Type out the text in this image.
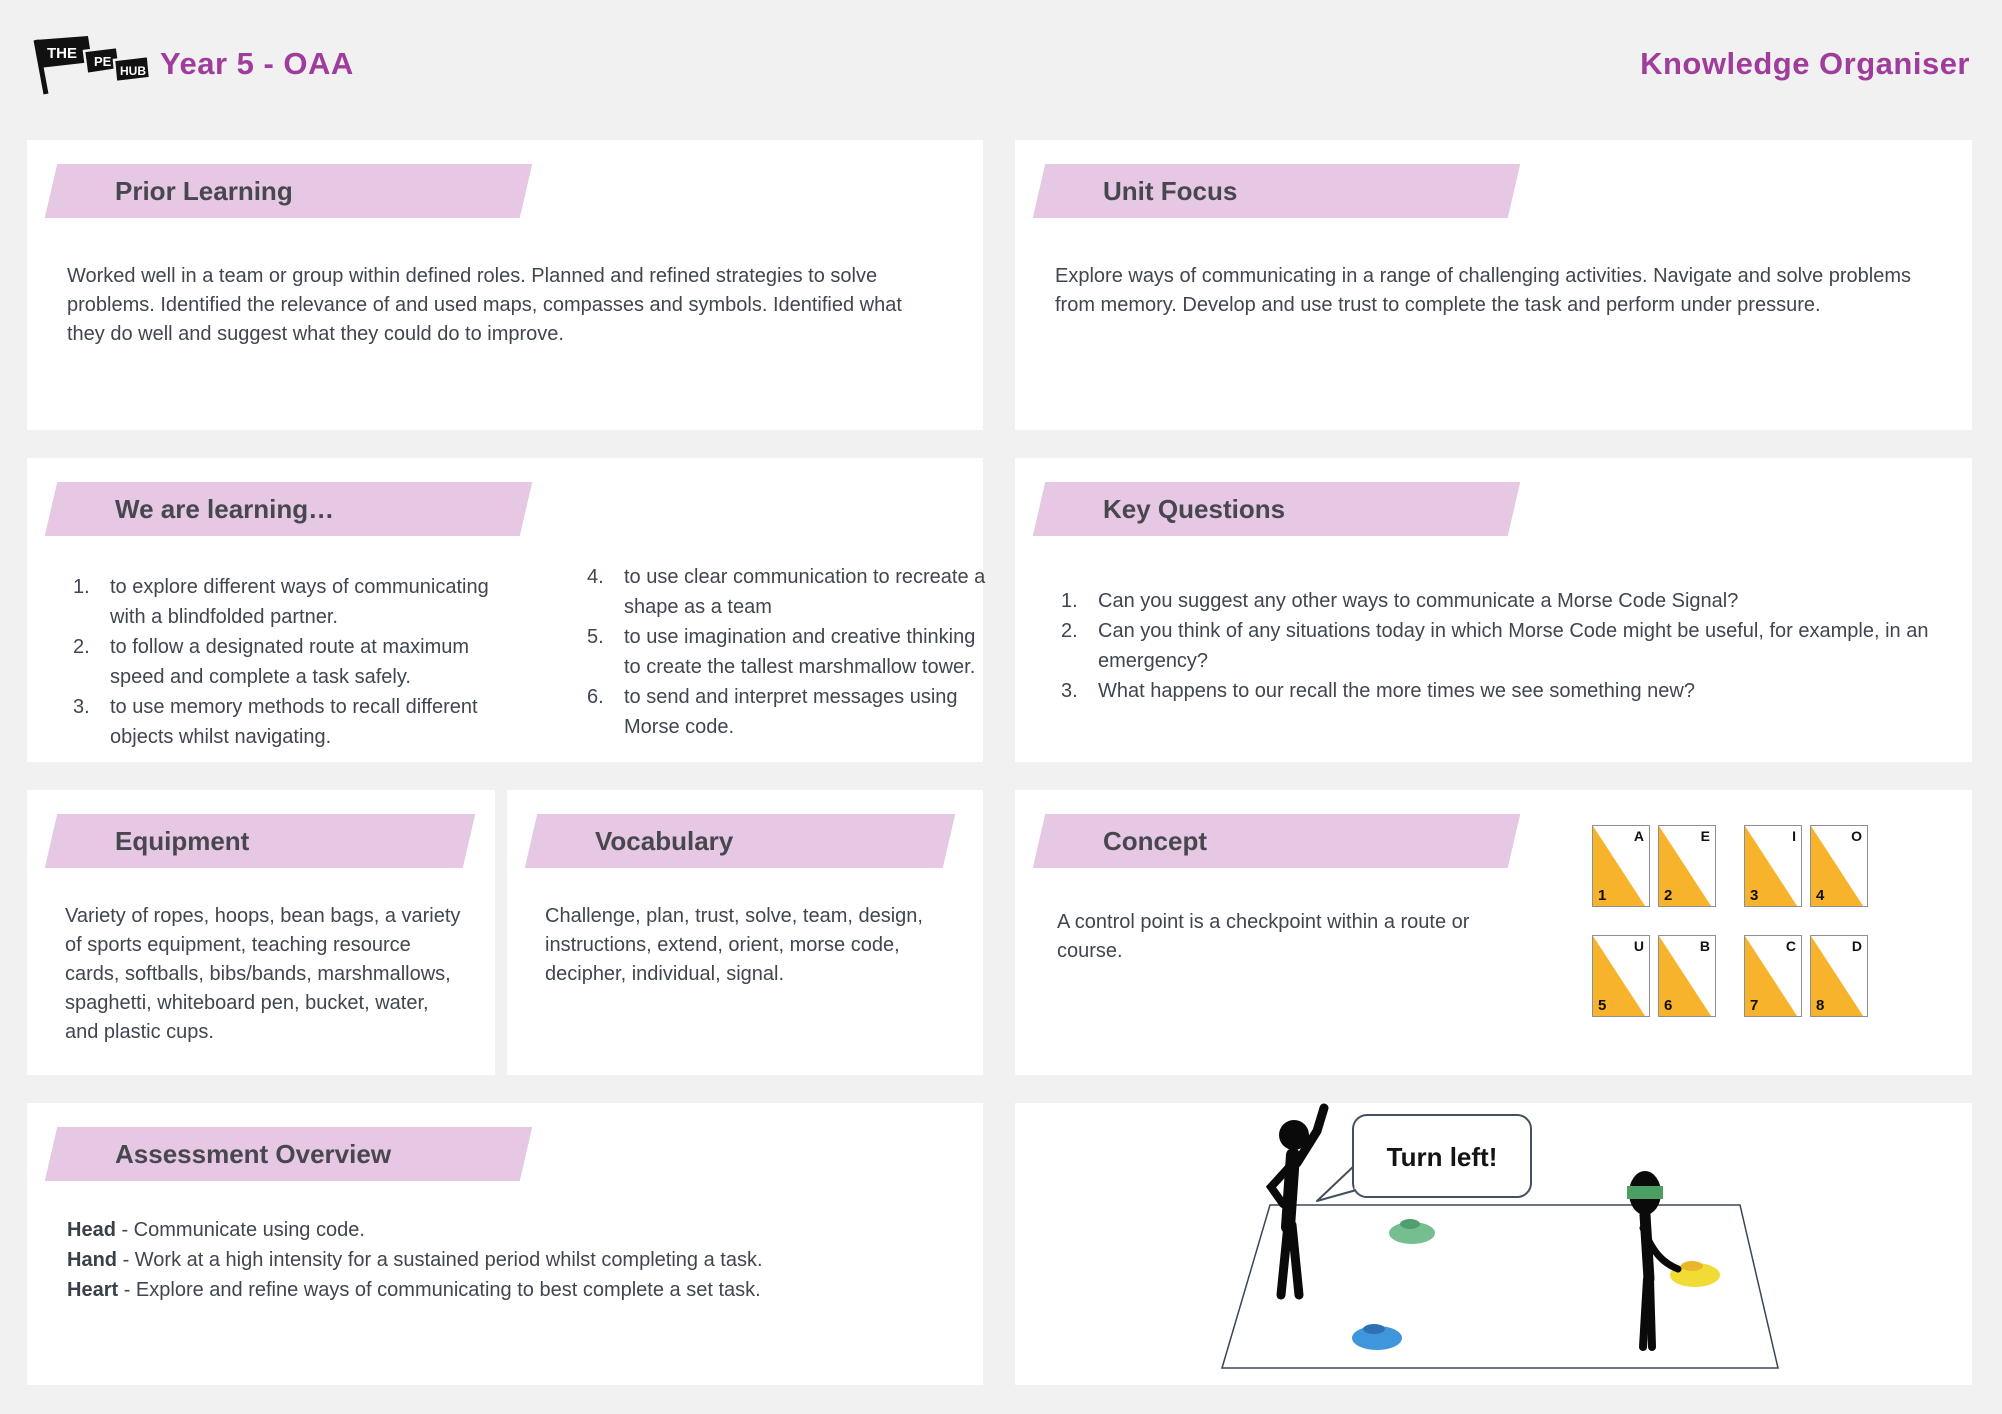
THE PE
HUB Year 5 - OAA	Knowledge Organiser
Prior Learning
Worked well in a team or group within defined roles. Planned and refined strategies to solve problems. Identified the relevance of and used maps, compasses and symbols. Identified what they do well and suggest what they could do to improve.
Unit Focus
Explore ways of communicating in a range of challenging activities. Navigate and solve problems from memory. Develop and use trust to complete the task and perform under pressure.
We are learning…
1.	to explore different ways of communicating with a blindfolded partner.
2.	to follow a designated route at maximum speed and complete a task safely.
3.	to use memory methods to recall different objects whilst navigating.
4.	to use clear communication to recreate a shape as a team
5.	to use imagination and creative thinking to create the tallest marshmallow tower.
6.	to send and interpret messages using Morse code.
Key Questions
1.	Can you suggest any other ways to communicate a Morse Code Signal?
2.	Can you think of any situations today in which Morse Code might be useful, for example, in an emergency?
3.	What happens to our recall the more times we see something new?
Equipment
Variety of ropes, hoops, bean bags, a variety of sports equipment, teaching resource cards, softballs, bibs/bands, marshmallows, spaghetti, whiteboard pen, bucket, water, and plastic cups.
Vocabulary
Challenge, plan, trust, solve, team, design, instructions, extend, orient, morse code, decipher, individual, signal.
Concept
A control point is a checkpoint within a route or course.
A
1
E
2
I
3
O
4
U
5
B
6
C
7
D
8
Assessment Overview
Head - Communicate using code.
Hand - Work at a high intensity for a sustained period whilst completing a task.
Heart - Explore and refine ways of communicating to best complete a set task.
Turn left!
